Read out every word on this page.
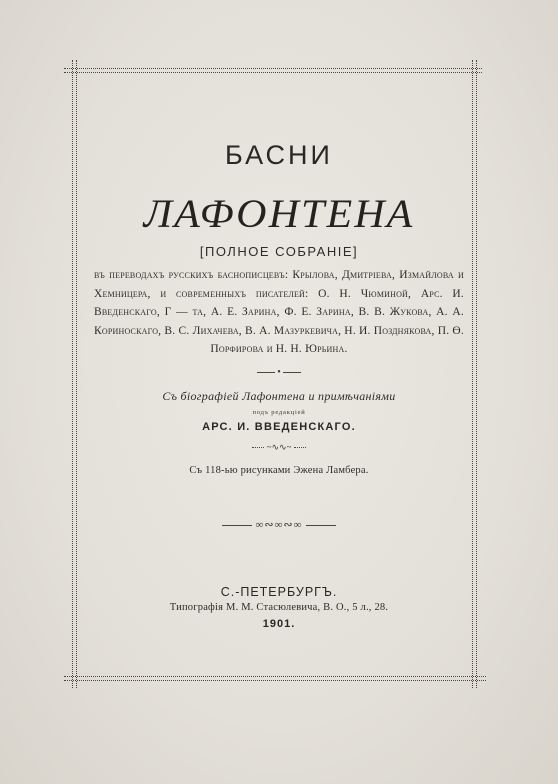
БАСНИ
ЛАФОНТЕНА
[ПОЛНОЕ СОБРАНІЕ]
въ переводахъ русскихъ баснописцевъ: Крылова, Дмитріева, Измайлова и Хемницера, и современныхъ писателей: О. Н. Чюминой, Арс. И. Введенскаго, Г — та, А. Е. Зарина, Ф. Е. Зарина, В. В. Жукова, А. А. Кориноскаго, В. С. Лихачева, В. А. Мазуркевича, Н. И. Позднякова, П. Ө. Порфирова и Н. Н. Юрьина.
•
Съ біографіей Лафонтена и примѣчаніями
подъ редакціей
АРС. И. ВВЕДЕНСКАГО.
~∿∿~
Съ 118-ью рисунками Эжена Ламбера.
∞∾∞∾∞
С.-ПЕТЕРБУРГЪ.
Типографія М. М. Стасюлевича, В. О., 5 л., 28.
1901.
